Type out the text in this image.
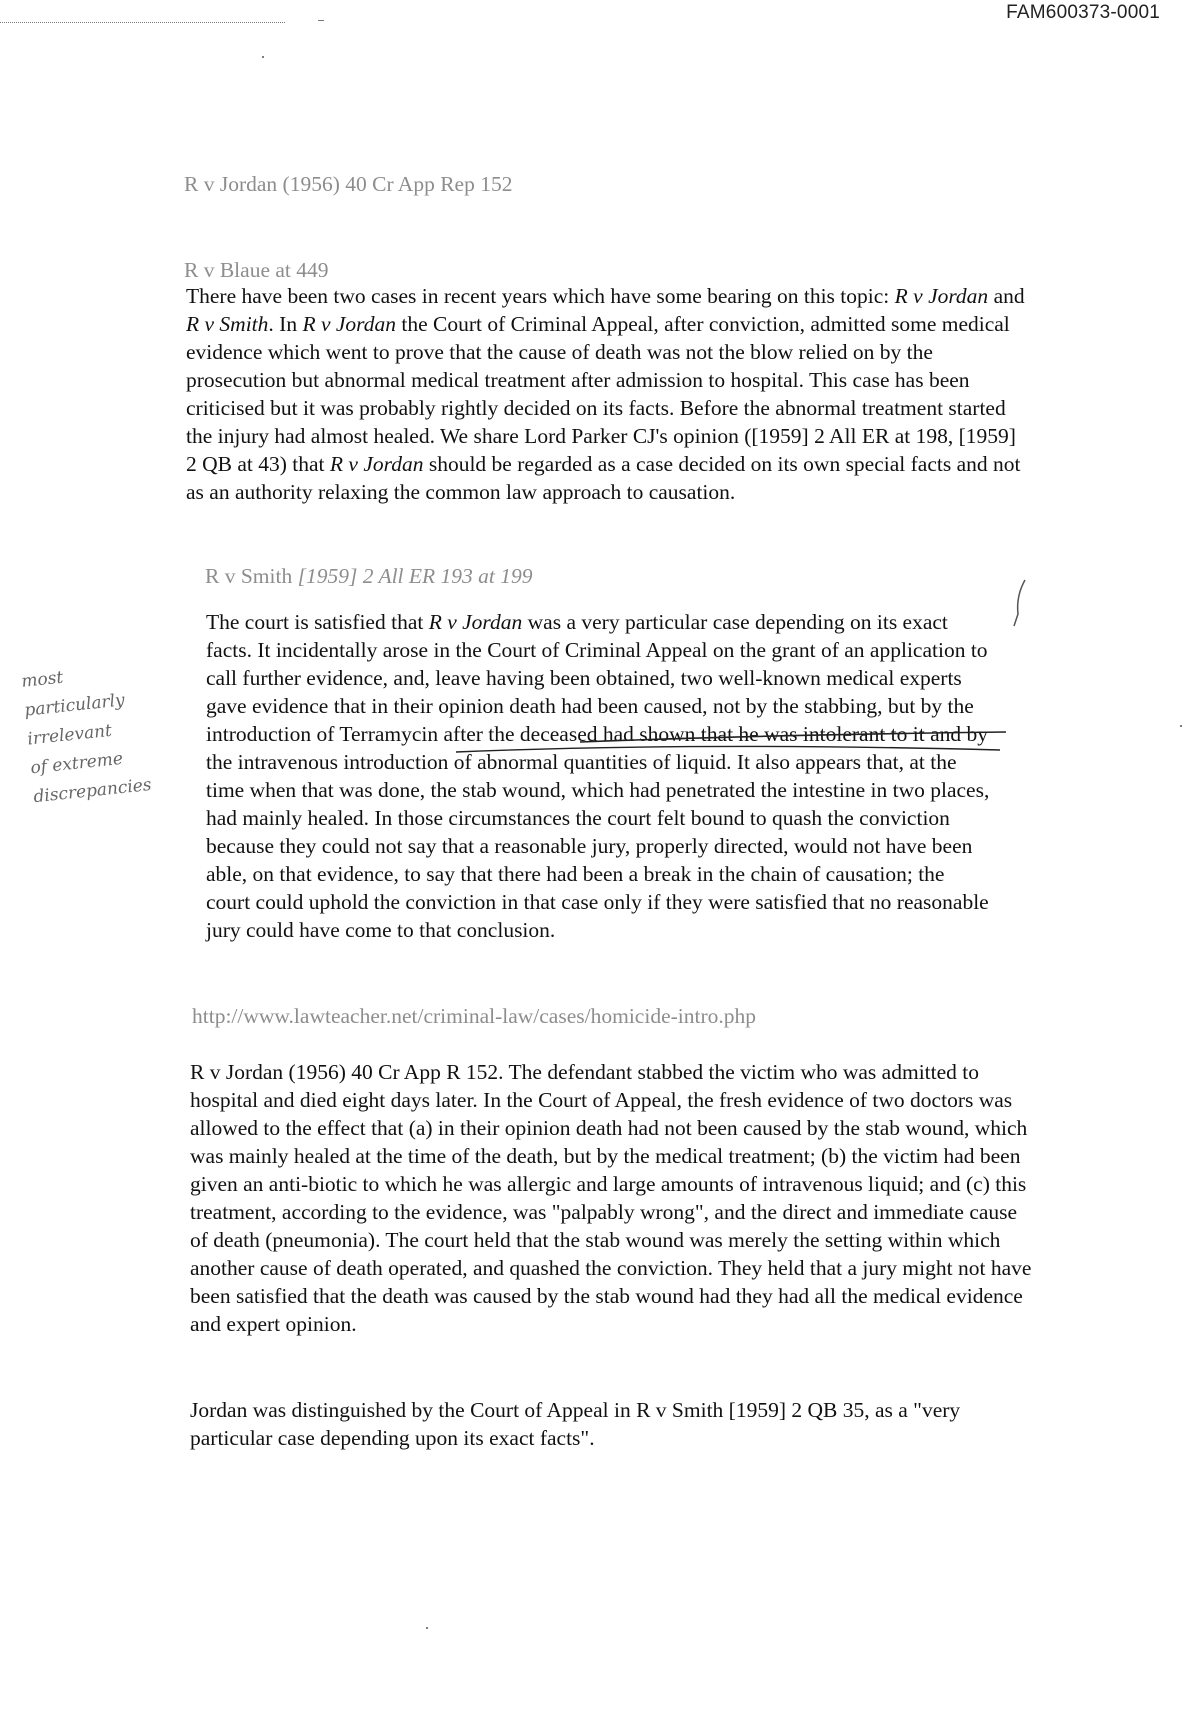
FAM600373-0001

R v Jordan (1956) 40 Cr App Rep 152

R v Blaue at 449

There have been two cases in recent years which have some bearing on this topic: R v Jordan and R v Smith. In R v Jordan the Court of Criminal Appeal, after conviction, admitted some medical evidence which went to prove that the cause of death was not the blow relied on by the prosecution but abnormal medical treatment after admission to hospital. This case has been criticised but it was probably rightly decided on its facts. Before the abnormal treatment started the injury had almost healed. We share Lord Parker CJ's opinion ([1959] 2 All ER at 198, [1959] 2 QB at 43) that R v Jordan should be regarded as a case decided on its own special facts and not as an authority relaxing the common law approach to causation.

R v Smith [1959] 2 All ER 193 at 199

The court is satisfied that R v Jordan was a very particular case depending on its exact facts. It incidentally arose in the Court of Criminal Appeal on the grant of an application to call further evidence, and, leave having been obtained, two well-known medical experts gave evidence that in their opinion death had been caused, not by the stabbing, but by the introduction of Terramycin after the deceased had shown that he was intolerant to it and by the intravenous introduction of abnormal quantities of liquid. It also appears that, at the time when that was done, the stab wound, which had penetrated the intestine in two places, had mainly healed. In those circumstances the court felt bound to quash the conviction because they could not say that a reasonable jury, properly directed, would not have been able, on that evidence, to say that there had been a break in the chain of causation; the court could uphold the conviction in that case only if they were satisfied that no reasonable jury could have come to that conclusion.

most
particularly
irrelevant
of extreme
discrepancies

http://www.lawteacher.net/criminal-law/cases/homicide-intro.php

R v Jordan (1956) 40 Cr App R 152. The defendant stabbed the victim who was admitted to hospital and died eight days later. In the Court of Appeal, the fresh evidence of two doctors was allowed to the effect that (a) in their opinion death had not been caused by the stab wound, which was mainly healed at the time of the death, but by the medical treatment; (b) the victim had been given an anti-biotic to which he was allergic and large amounts of intravenous liquid; and (c) this treatment, according to the evidence, was "palpably wrong", and the direct and immediate cause of death (pneumonia). The court held that the stab wound was merely the setting within which another cause of death operated, and quashed the conviction. They held that a jury might not have been satisfied that the death was caused by the stab wound had they had all the medical evidence and expert opinion.

Jordan was distinguished by the Court of Appeal in R v Smith [1959] 2 QB 35, as a "very particular case depending upon its exact facts".
